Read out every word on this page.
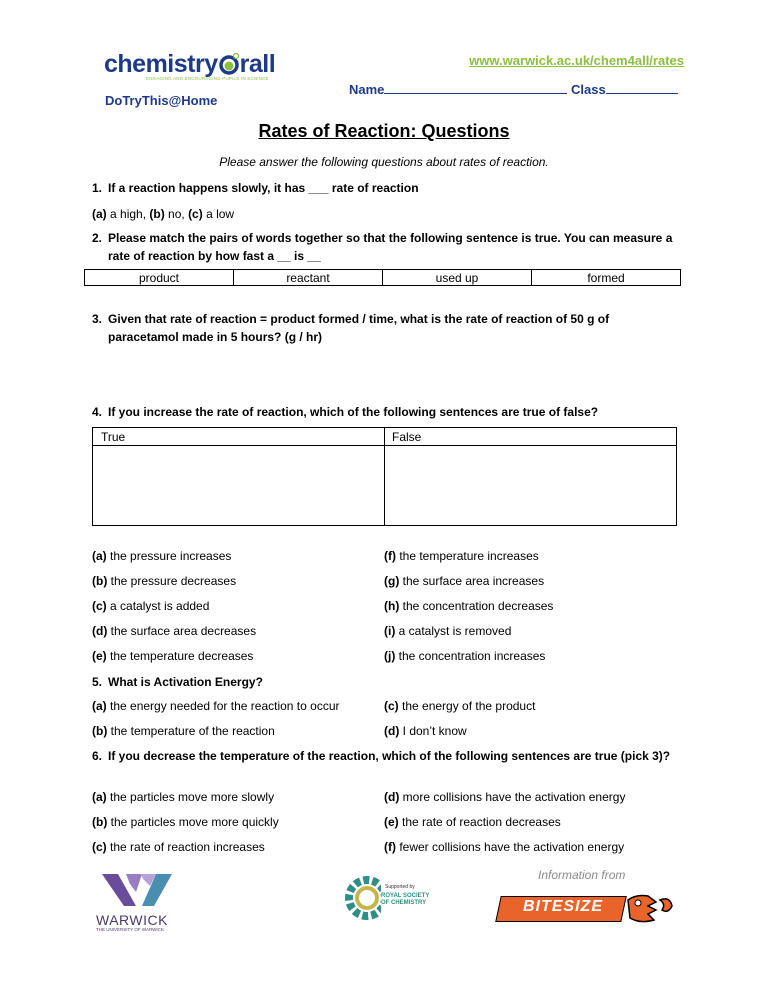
chemistry rall
ENGAGING AND ENCOURAGING PUPILS IN SCIENCE
www.warwick.ac.uk/chem4all/rates
Name	Class
DoTryThis@Home
Rates of Reaction: Questions
Please answer the following questions about rates of reaction.
1. If a reaction happens slowly, it has ___ rate of reaction
(a) a high, (b) no, (c) a low
2. Please match the pairs of words together so that the following sentence is true. You can measure a rate of reaction by how fast a __ is __
product	reactant	used up	formed
3. Given that rate of reaction = product formed / time, what is the rate of reaction of 50 g of paracetamol made in 5 hours? (g / hr)
4. If you increase the rate of reaction, which of the following sentences are true of false?
True	False
(a) the pressure increases
(b) the pressure decreases
(c) a catalyst is added
(d) the surface area decreases
(e) the temperature decreases
(f) the temperature increases
(g) the surface area increases
(h) the concentration decreases
(i) a catalyst is removed
(j) the concentration increases
5. What is Activation Energy?
(a) the energy needed for the reaction to occur
(b) the temperature of the reaction
(c) the energy of the product
(d) I don’t know
6. If you decrease the temperature of the reaction, which of the following sentences are true (pick 3)?
(a) the particles move more slowly
(b) the particles move more quickly
(c) the rate of reaction increases
(d) more collisions have the activation energy
(e) the rate of reaction decreases
(f) fewer collisions have the activation energy
WARWICK
THE UNIVERSITY OF WARWICK
Supported by
ROYAL SOCIETY
OF CHEMISTRY
Information from
BITESIZE
